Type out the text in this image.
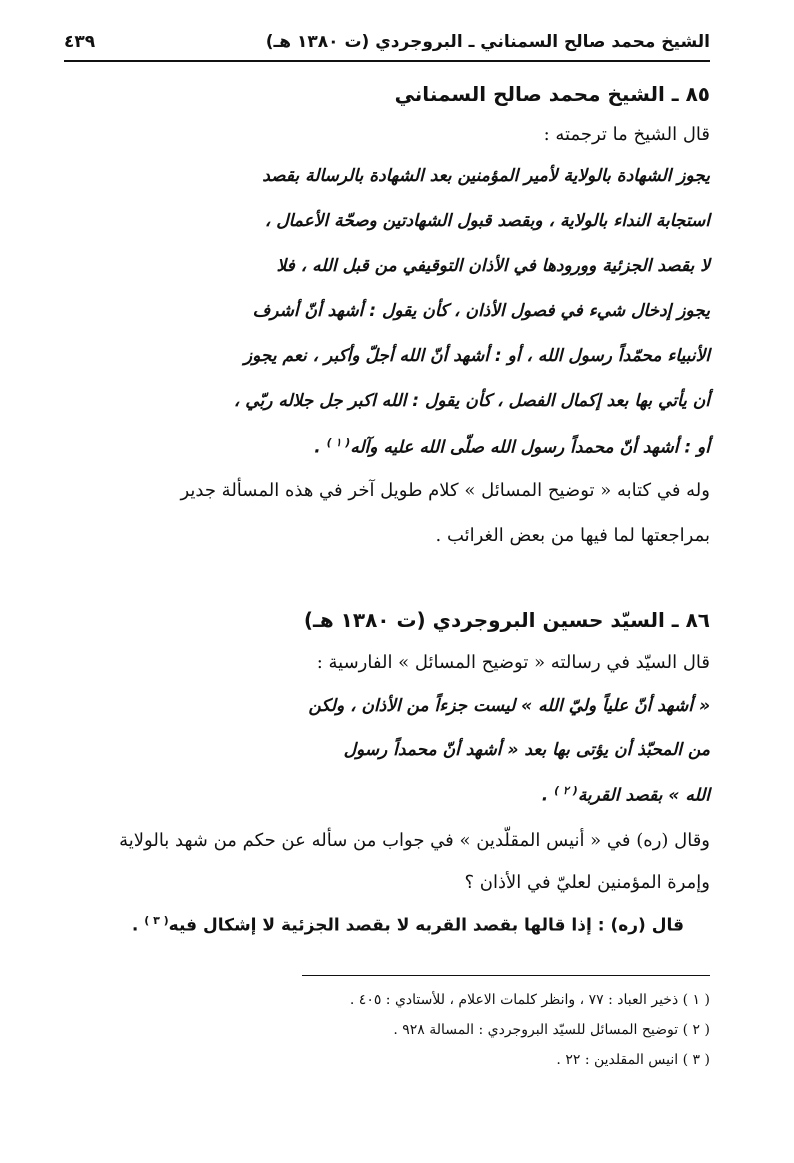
الشيخ محمد صالح السمناني ـ البروجردي (ت ١٣٨٠ هـ)
٤٣٩
٨٥ ـ الشيخ محمد صالح السمناني
قال الشيخ ما ترجمته :
يجوز الشهادة بالولاية لأمير المؤمنين بعد الشهادة بالرسالة بقصد
استجابة النداء بالولاية ، وبقصد قبول الشهادتين وصحّة الأعمال ،
لا بقصد الجزئية وورودها في الأذان التوقيفي من قبل الله ، فلا
يجوز إدخال شيء في فصول الأذان ، كأن يقول : أشهد أنّ أشرف
الأنبياء محمّداً رسول الله ، أو : أشهد أنّ الله أجلّ وأكبر ، نعم يجوز
أن يأتي بها بعد إكمال الفصل ، كأن يقول : الله اكبر جل جلاله ربّي ،
أو : أشهد أنّ محمداً رسول الله صلّى الله عليه وآله$^{( ١ )}$ .
وله في كتابه « توضيح المسائل » كلام طويل آخر في هذه المسألة جدير
بمراجعتها لما فيها من بعض الغرائب .
٨٦ ـ السيّد حسين البروجردي (ت ١٣٨٠ هـ)
قال السيّد في رسالته « توضيح المسائل » الفارسية :
« أشهد أنّ علياً وليّ الله » ليست جزءاً من الأذان ، ولكن
من المحبّذ أن يؤتى بها بعد « أشهد أنّ محمداً رسول
الله » بقصد القربة$^{( ٢ )}$ .
وقال (ره) في « أنيس المقلّدين » في جواب من سأله عن حكم من شهد بالولاية
وإمرة المؤمنين لعليّ في الأذان ؟
قال (ره) : إذا قالها بقصد القربه لا بقصد الجزئية لا إشكال فيه$^{( ٣ )}$ .
( ١ ) ذخير العباد : ٧٧ ، وانظر كلمات الاعلام ، للأستادي : ٤٠٥ .
( ٢ ) توضيح المسائل للسيّد البروجردي : المسالة ٩٢٨ .
( ٣ ) انيس المقلدين : ٢٢ .
